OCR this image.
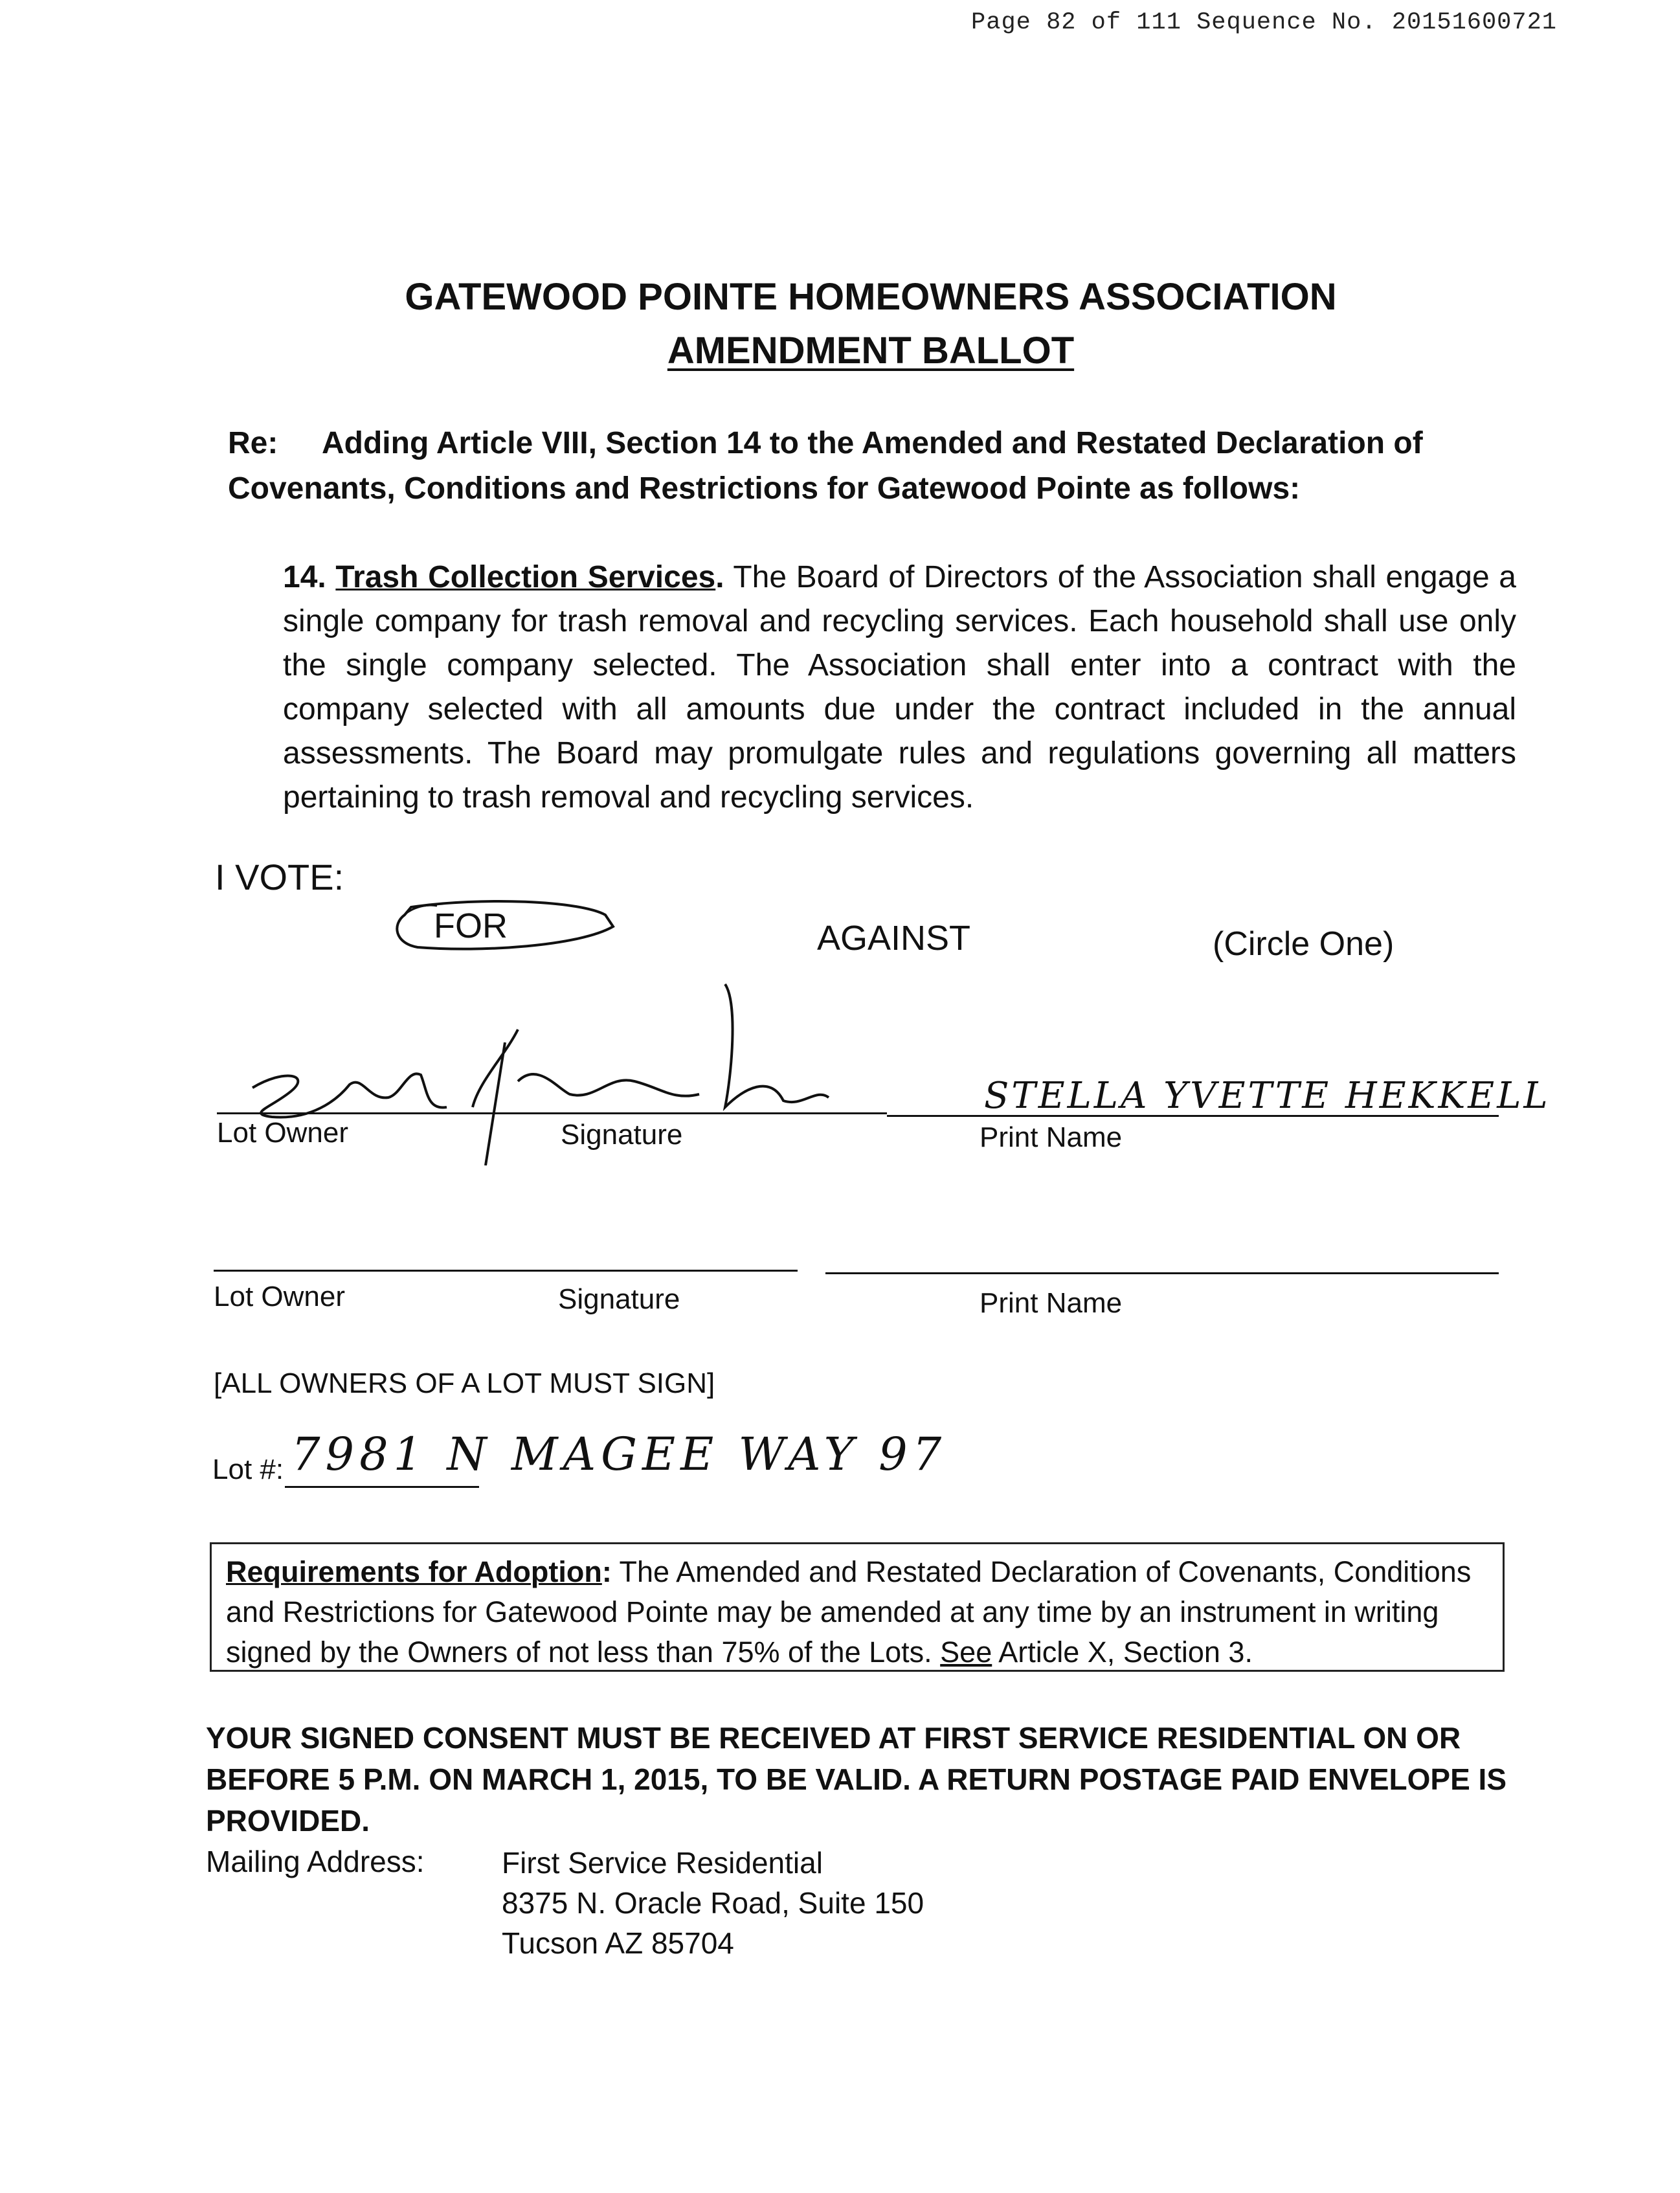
Page 82 of 111 Sequence No. 20151600721
GATEWOOD POINTE HOMEOWNERS ASSOCIATION
AMENDMENT BALLOT
Re: Adding Article VIII, Section 14 to the Amended and Restated Declaration of Covenants, Conditions and Restrictions for Gatewood Pointe as follows:
14. Trash Collection Services. The Board of Directors of the Association shall engage a single company for trash removal and recycling services. Each household shall use only the single company selected. The Association shall enter into a contract with the company selected with all amounts due under the contract included in the annual assessments. The Board may promulgate rules and regulations governing all matters pertaining to trash removal and recycling services.
I VOTE:
FOR	AGAINST	(Circle One)
STELLA YVETTE HEKKELL
Lot Owner	Signature	Print Name
Lot Owner	Signature	Print Name
[ALL OWNERS OF A LOT MUST SIGN]
Lot #: 7981 N MAGEE WAY 97
Requirements for Adoption: The Amended and Restated Declaration of Covenants, Conditions and Restrictions for Gatewood Pointe may be amended at any time by an instrument in writing signed by the Owners of not less than 75% of the Lots. See Article X, Section 3.
YOUR SIGNED CONSENT MUST BE RECEIVED AT FIRST SERVICE RESIDENTIAL ON OR BEFORE 5 P.M. ON MARCH 1, 2015, TO BE VALID. A RETURN POSTAGE PAID ENVELOPE IS PROVIDED.
Mailing Address:	First Service Residential
8375 N. Oracle Road, Suite 150
Tucson AZ 85704
